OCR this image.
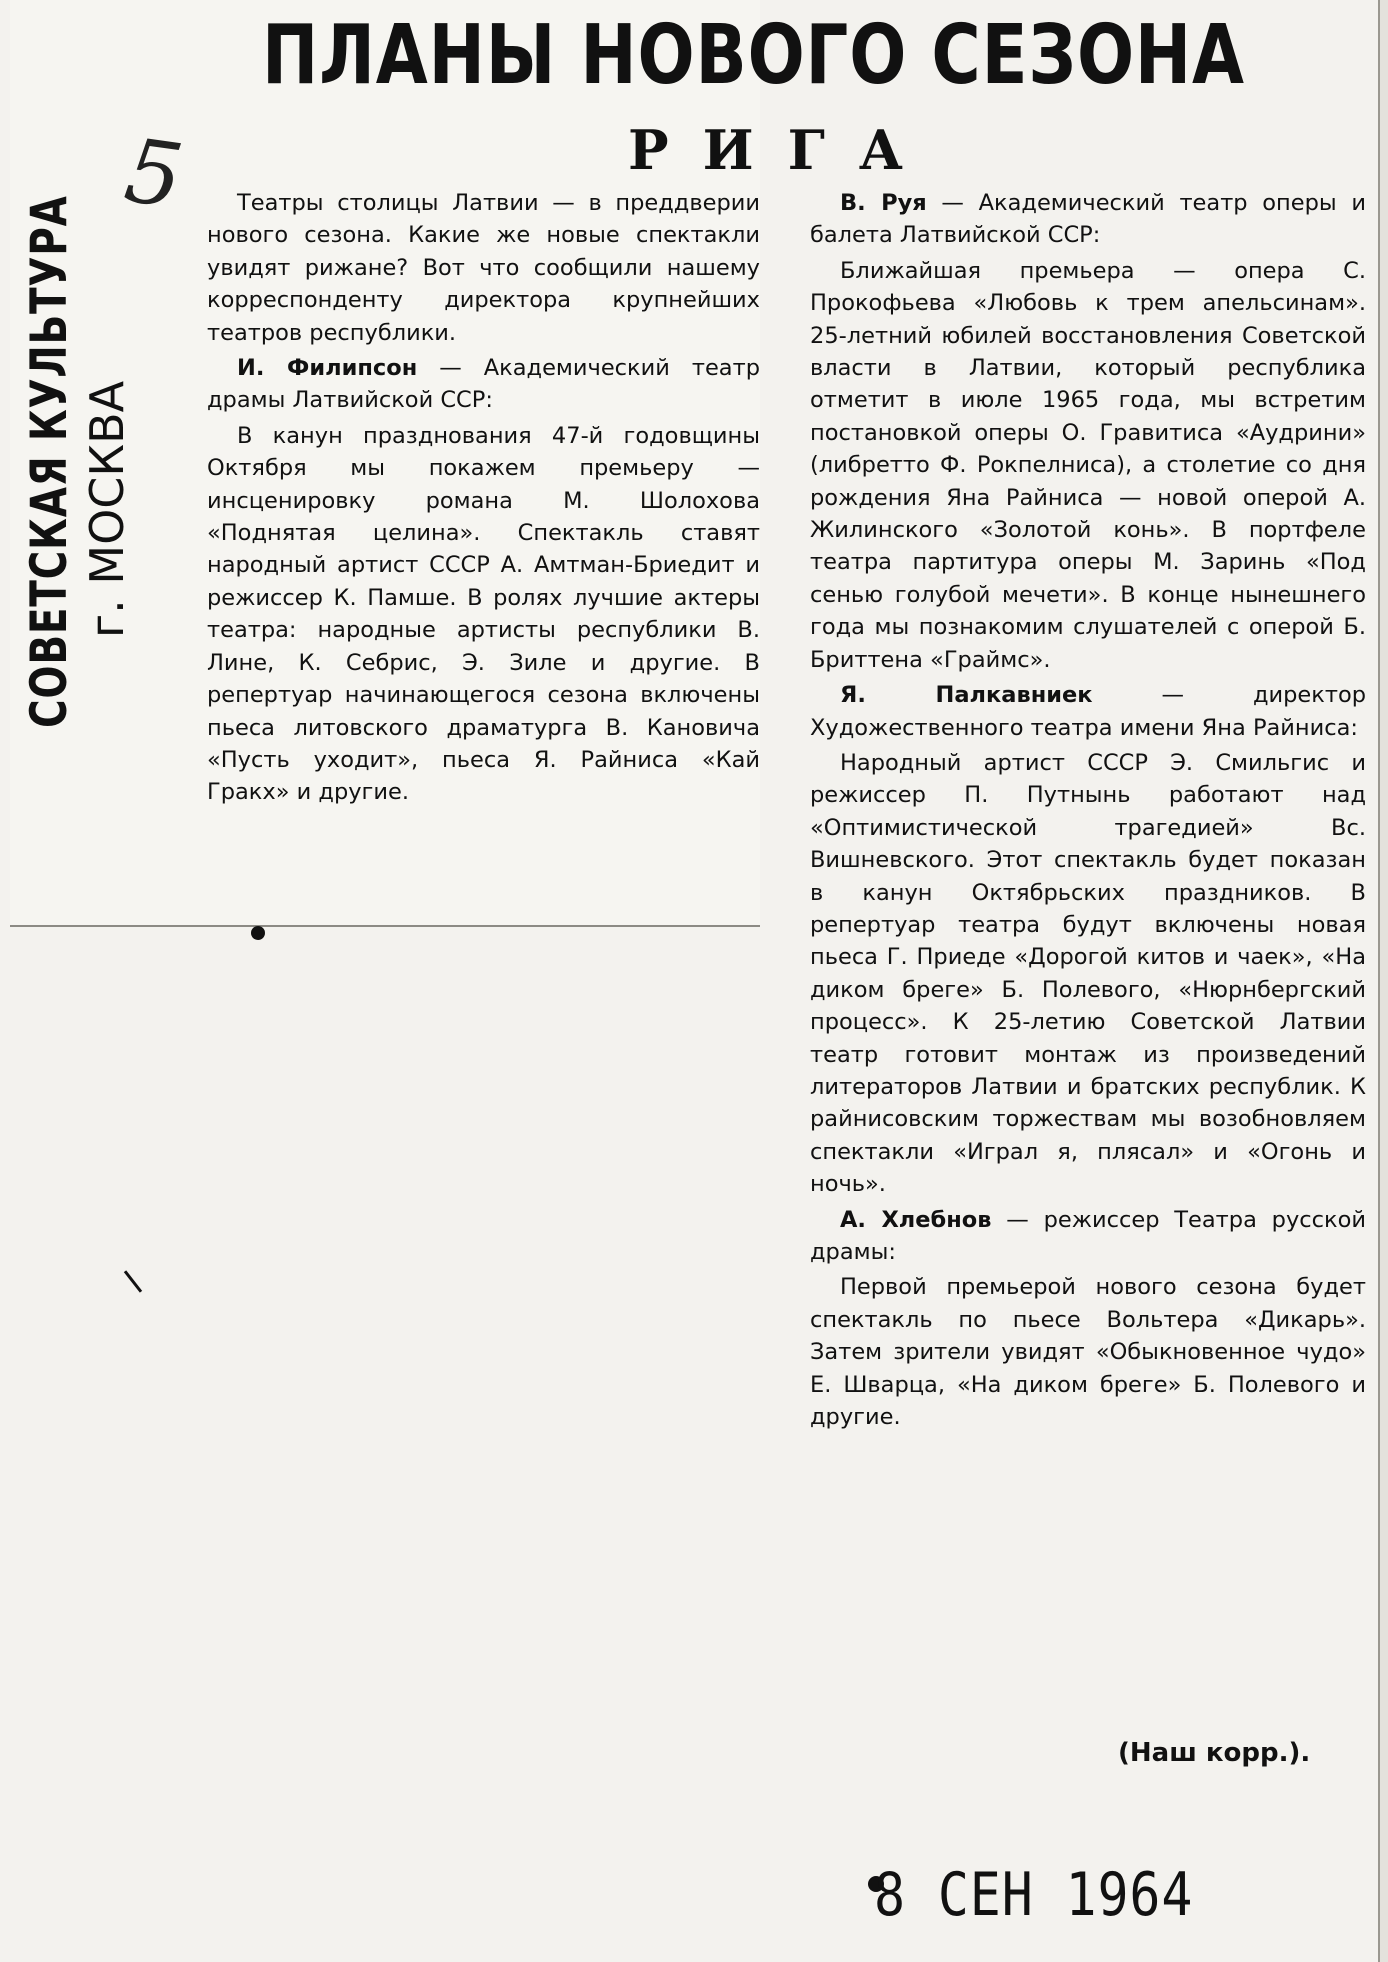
ПЛАНЫ НОВОГО СЕЗОНА
РИГА
5
СОВЕТСКАЯ КУЛЬТУРА г. МОСКВА

Театры столицы Латвии — в преддверии нового сезона. Какие же новые спектакли увидят рижане? Вот что сообщили нашему корреспонденту директора крупнейших театров республики.

И. Филипсон — Академический театр драмы Латвийской ССР:

В канун празднования 47-й годовщины Октября мы покажем премьеру — инсценировку романа М. Шолохова «Поднятая целина». Спектакль ставят народный артист СССР А. Амтман-Бриедит и режиссер К. Памше. В ролях лучшие актеры театра: народные артисты республики В. Лине, К. Себрис, Э. Зиле и другие. В репертуар начинающегося сезона включены пьеса литовского драматурга В. Кановича «Пусть уходит», пьеса Я. Райниса «Кай Гракх» и другие.

В. Руя — Академический театр оперы и балета Латвийской ССР:

Ближайшая премьера — опера С. Прокофьева «Любовь к трем апельсинам». 25-летний юбилей восстановления Советской власти в Латвии, который республика отметит в июле 1965 года, мы встретим постановкой оперы О. Гравитиса «Аудрини» (либретто Ф. Рокпелниса), а столетие со дня рождения Яна Райниса — новой оперой А. Жилинского «Золотой конь». В портфеле театра партитура оперы М. Заринь «Под сенью голубой мечети». В конце нынешнего года мы познакомим слушателей с оперой Б. Бриттена «Граймс».

Я. Палкавниек — директор Художественного театра имени Яна Райниса:

Народный артист СССР Э. Смильгис и режиссер П. Путнынь работают над «Оптимистической трагедией» Вс. Вишневского. Этот спектакль будет показан в канун Октябрьских праздников. В репертуар театра будут включены новая пьеса Г. Приеде «Дорогой китов и чаек», «На диком бреге» Б. Полевого, «Нюрнбергский процесс». К 25-летию Советской Латвии театр готовит монтаж из произведений литераторов Латвии и братских республик. К райнисовским торжествам мы возобновляем спектакли «Играл я, плясал» и «Огонь и ночь».

А. Хлебнов — режиссер Театра русской драмы:

Первой премьерой нового сезона будет спектакль по пьесе Вольтера «Дикарь». Затем зрители увидят «Обыкновенное чудо» Е. Шварца, «На диком бреге» Б. Полевого и другие.

(Наш корр.).
8 СЕН 1964
